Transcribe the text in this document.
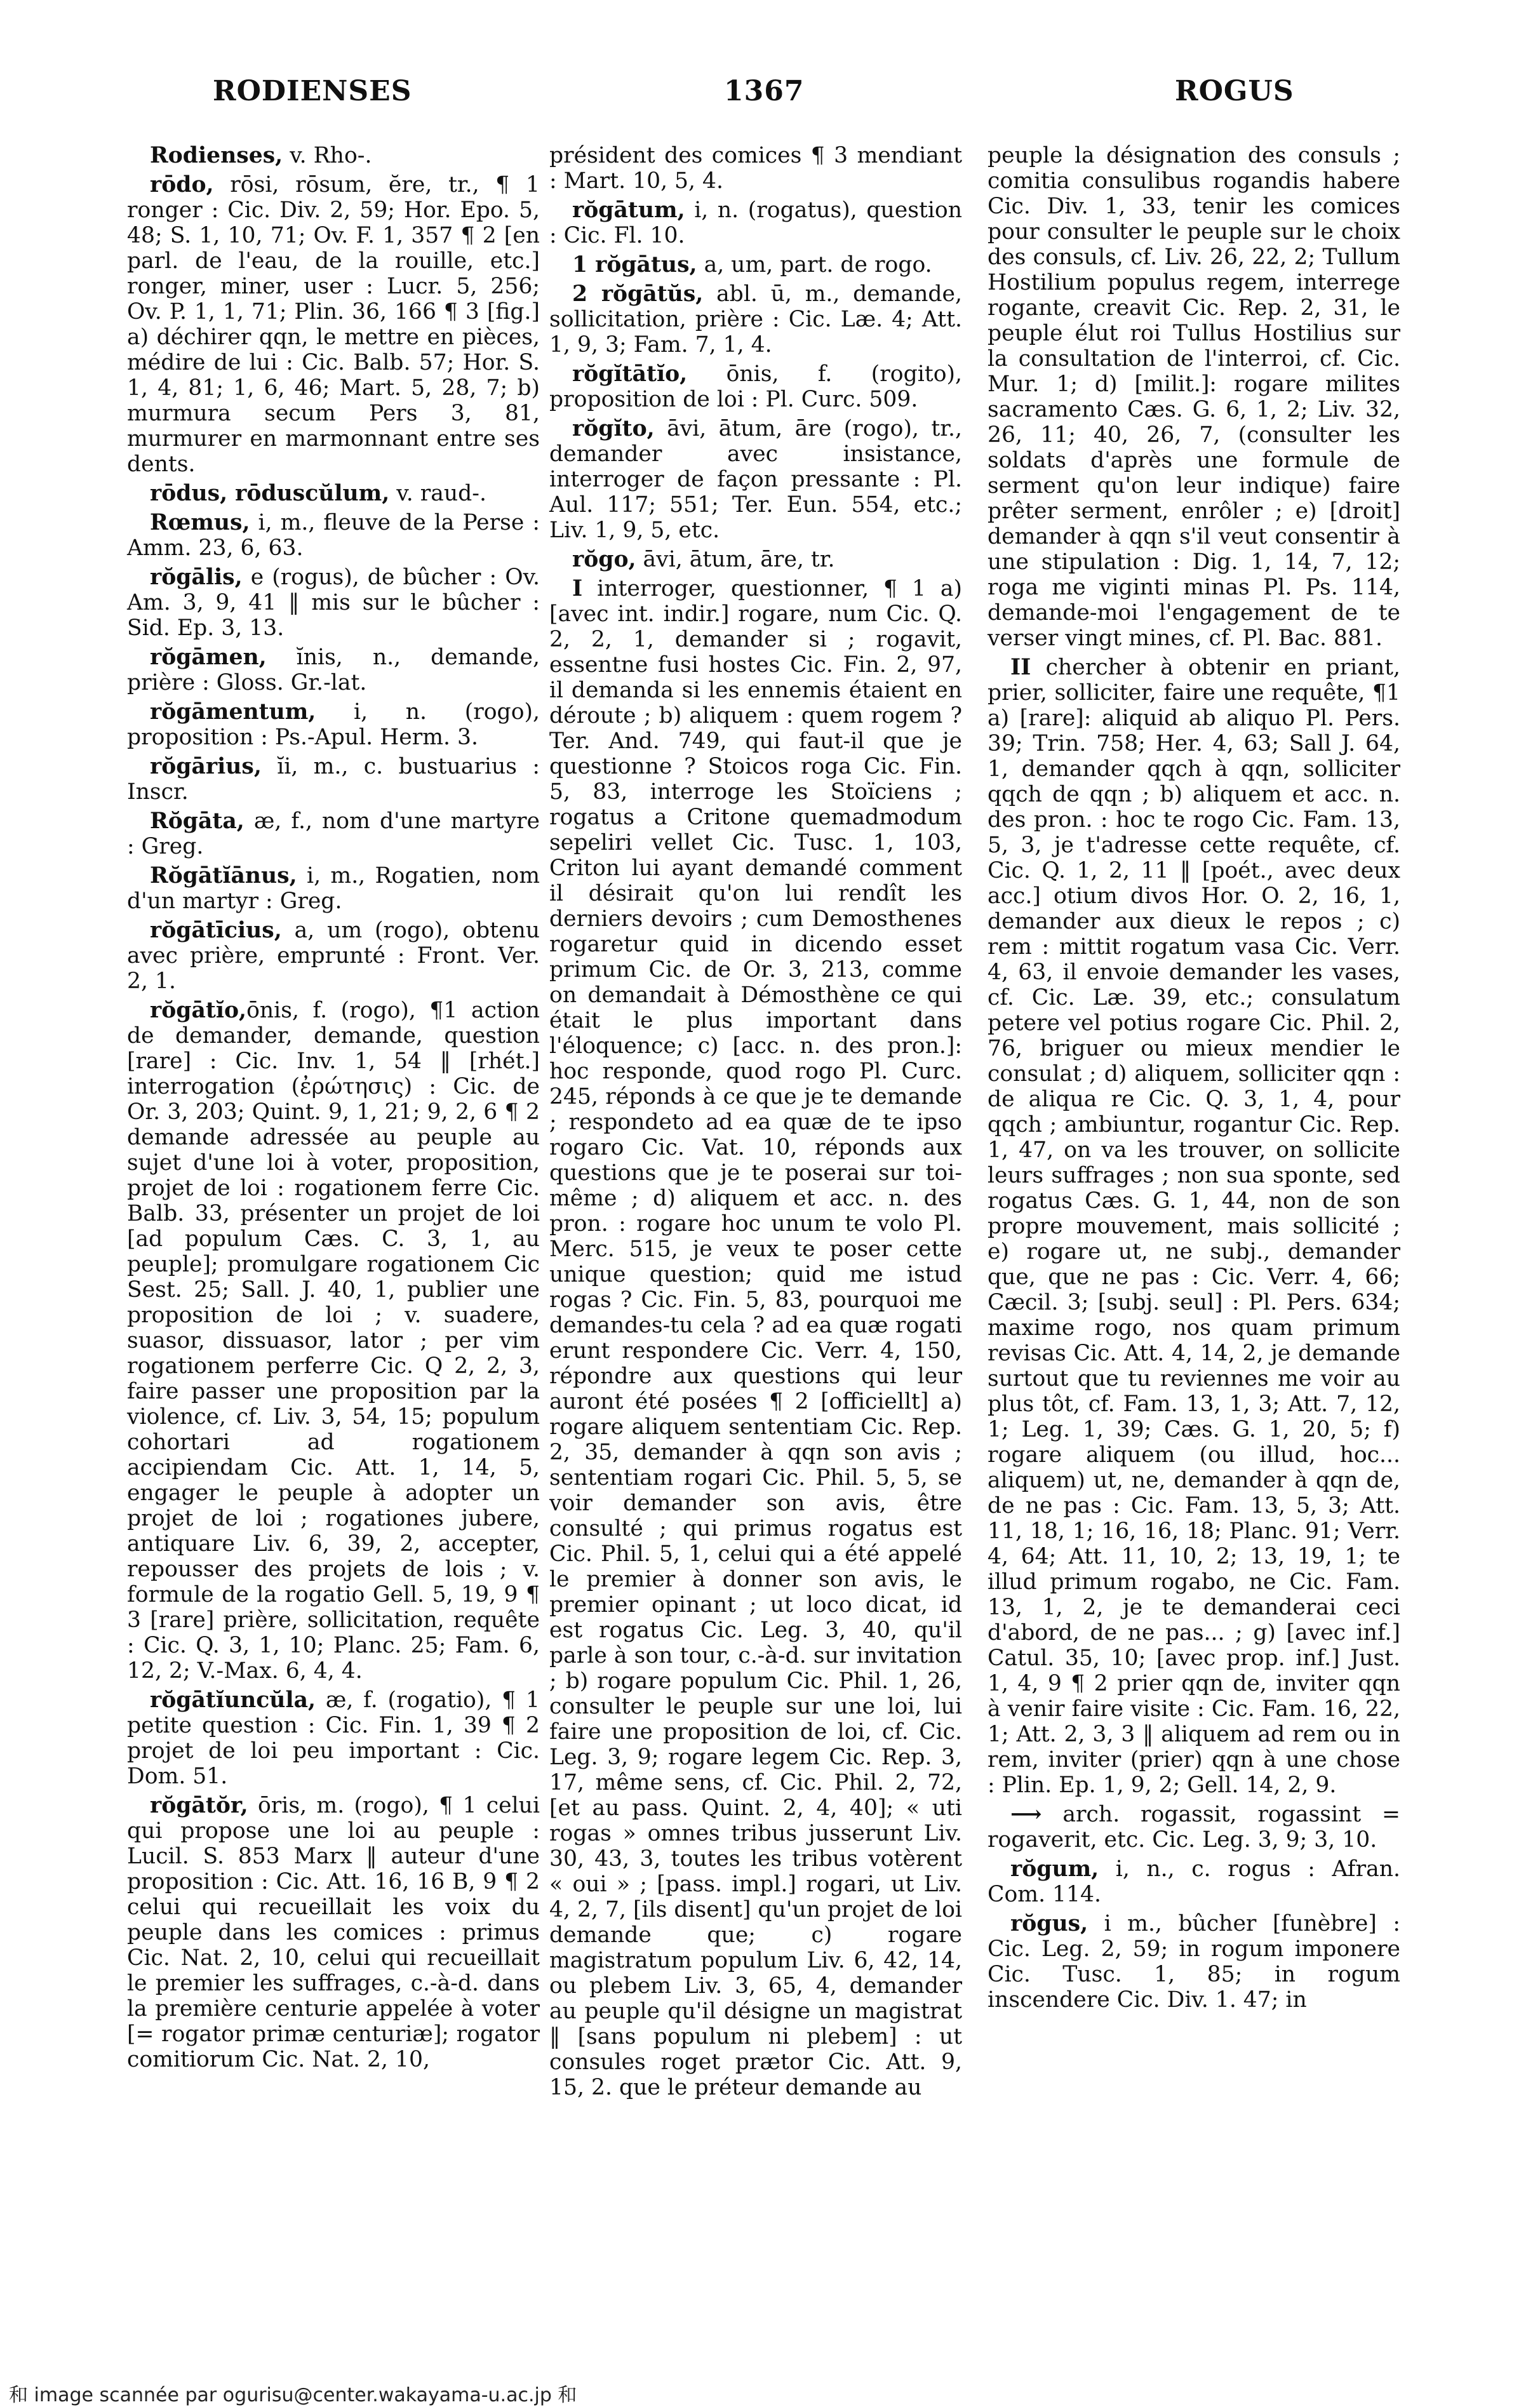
RODIENSES	1367	ROGUS

Rodienses, v. Rho-.

rōdo, rōsi, rōsum, ĕre, tr., ¶ 1 ronger : Cic. Div. 2, 59; Hor. Epo. 5, 48; S. 1, 10, 71; Ov. F. 1, 357 ¶ 2 [en parl. de l'eau, de la rouille, etc.] ronger, miner, user : Lucr. 5, 256; Ov. P. 1, 1, 71; Plin. 36, 166 ¶ 3 [fig.] a) déchirer qqn, le mettre en pièces, médire de lui : Cic. Balb. 57; Hor. S. 1, 4, 81; 1, 6, 46; Mart. 5, 28, 7; b) murmura secum Pers 3, 81, murmurer en marmonnant entre ses dents.

rōdus, rōduscŭlum, v. raud-.

Rœmus, i, m., fleuve de la Perse : Amm. 23, 6, 63.

rŏgālis, e (rogus), de bûcher : Ov. Am. 3, 9, 41 ‖ mis sur le bûcher : Sid. Ep. 3, 13.

rŏgāmen, ĭnis, n., demande, prière : Gloss. Gr.-lat.

rŏgāmentum, i, n. (rogo), proposition : Ps.-Apul. Herm. 3.

rŏgārius, ĭi, m., c. bustuarius : Inscr.

Rŏgāta, æ, f., nom d'une martyre : Greg.

Rŏgātĭānus, i, m., Rogatien, nom d'un martyr : Greg.

rŏgātīcius, a, um (rogo), obtenu avec prière, emprunté : Front. Ver. 2, 1.

rŏgātĭo,ōnis, f. (rogo), ¶1 action de demander, demande, question [rare] : Cic. Inv. 1, 54 ‖ [rhét.] interrogation (ἐρώτησις) : Cic. de Or. 3, 203; Quint. 9, 1, 21; 9, 2, 6 ¶ 2 demande adressée au peuple au sujet d'une loi à voter, proposition, projet de loi : rogationem ferre Cic. Balb. 33, présenter un projet de loi [ad populum Cæs. C. 3, 1, au peuple]; promulgare rogationem Cic Sest. 25; Sall. J. 40, 1, publier une proposition de loi ; v. suadere, suasor, dissuasor, lator ; per vim rogationem perferre Cic. Q 2, 2, 3, faire passer une proposition par la violence, cf. Liv. 3, 54, 15; populum cohortari ad rogationem accipiendam Cic. Att. 1, 14, 5, engager le peuple à adopter un projet de loi ; rogationes jubere, antiquare Liv. 6, 39, 2, accepter, repousser des projets de lois ; v. formule de la rogatio Gell. 5, 19, 9 ¶ 3 [rare] prière, sollicitation, requête : Cic. Q. 3, 1, 10; Planc. 25; Fam. 6, 12, 2; V.-Max. 6, 4, 4.

rŏgātĭuncŭla, æ, f. (rogatio), ¶ 1 petite question : Cic. Fin. 1, 39 ¶ 2 projet de loi peu important : Cic. Dom. 51.

rŏgātŏr, ōris, m. (rogo), ¶ 1 celui qui propose une loi au peuple : Lucil. S. 853 Marx ‖ auteur d'une proposition : Cic. Att. 16, 16 B, 9 ¶ 2 celui qui recueillait les voix du peuple dans les comices : primus Cic. Nat. 2, 10, celui qui recueillait le premier les suffrages, c.-à-d. dans la première centurie appelée à voter [= rogator primæ centuriæ]; rogator comitiorum Cic. Nat. 2, 10,

président des comices ¶ 3 mendiant : Mart. 10, 5, 4.

rŏgātum, i, n. (rogatus), question : Cic. Fl. 10.

1 rŏgātus, a, um, part. de rogo.

2 rŏgātŭs, abl. ū, m., demande, sollicitation, prière : Cic. Læ. 4; Att. 1, 9, 3; Fam. 7, 1, 4.

rŏgĭtātĭo, ōnis, f. (rogito), proposition de loi : Pl. Curc. 509.

rŏgĭto, āvi, ātum, āre (rogo), tr., demander avec insistance, interroger de façon pressante : Pl. Aul. 117; 551; Ter. Eun. 554, etc.; Liv. 1, 9, 5, etc.

rŏgo, āvi, ātum, āre, tr.

I interroger, questionner, ¶ 1 a) [avec int. indir.] rogare, num Cic. Q. 2, 2, 1, demander si ; rogavit, essentne fusi hostes Cic. Fin. 2, 97, il demanda si les ennemis étaient en déroute ; b) aliquem : quem rogem ? Ter. And. 749, qui faut-il que je questionne ? Stoicos roga Cic. Fin. 5, 83, interroge les Stoïciens ; rogatus a Critone quemadmodum sepeliri vellet Cic. Tusc. 1, 103, Criton lui ayant demandé comment il désirait qu'on lui rendît les derniers devoirs ; cum Demosthenes rogaretur quid in dicendo esset primum Cic. de Or. 3, 213, comme on demandait à Démosthène ce qui était le plus important dans l'éloquence; c) [acc. n. des pron.]: hoc responde, quod rogo Pl. Curc. 245, réponds à ce que je te demande ; respondeto ad ea quæ de te ipso rogaro Cic. Vat. 10, réponds aux questions que je te poserai sur toi-même ; d) aliquem et acc. n. des pron. : rogare hoc unum te volo Pl. Merc. 515, je veux te poser cette unique question; quid me istud rogas ? Cic. Fin. 5, 83, pourquoi me demandes-tu cela ? ad ea quæ rogati erunt respondere Cic. Verr. 4, 150, répondre aux questions qui leur auront été posées ¶ 2 [officiellt] a) rogare aliquem sententiam Cic. Rep. 2, 35, demander à qqn son avis ; sententiam rogari Cic. Phil. 5, 5, se voir demander son avis, être consulté ; qui primus rogatus est Cic. Phil. 5, 1, celui qui a été appelé le premier à donner son avis, le premier opinant ; ut loco dicat, id est rogatus Cic. Leg. 3, 40, qu'il parle à son tour, c.-à-d. sur invitation ; b) rogare populum Cic. Phil. 1, 26, consulter le peuple sur une loi, lui faire une proposition de loi, cf. Cic. Leg. 3, 9; rogare legem Cic. Rep. 3, 17, même sens, cf. Cic. Phil. 2, 72, [et au pass. Quint. 2, 4, 40]; « uti rogas » omnes tribus jusserunt Liv. 30, 43, 3, toutes les tribus votèrent « oui » ; [pass. impl.] rogari, ut Liv. 4, 2, 7, [ils disent] qu'un projet de loi demande que; c) rogare magistratum populum Liv. 6, 42, 14, ou plebem Liv. 3, 65, 4, demander au peuple qu'il désigne un magistrat ‖ [sans populum ni plebem] : ut consules roget prætor Cic. Att. 9, 15, 2. que le préteur demande au

peuple la désignation des consuls ; comitia consulibus rogandis habere Cic. Div. 1, 33, tenir les comices pour consulter le peuple sur le choix des consuls, cf. Liv. 26, 22, 2; Tullum Hostilium populus regem, interrege rogante, creavit Cic. Rep. 2, 31, le peuple élut roi Tullus Hostilius sur la consultation de l'interroi, cf. Cic. Mur. 1; d) [milit.]: rogare milites sacramento Cæs. G. 6, 1, 2; Liv. 32, 26, 11; 40, 26, 7, (consulter les soldats d'après une formule de serment qu'on leur indique) faire prêter serment, enrôler ; e) [droit] demander à qqn s'il veut consentir à une stipulation : Dig. 1, 14, 7, 12; roga me viginti minas Pl. Ps. 114, demande-moi l'engagement de te verser vingt mines, cf. Pl. Bac. 881.

II chercher à obtenir en priant, prier, solliciter, faire une requête, ¶1 a) [rare]: aliquid ab aliquo Pl. Pers. 39; Trin. 758; Her. 4, 63; Sall J. 64, 1, demander qqch à qqn, solliciter qqch de qqn ; b) aliquem et acc. n. des pron. : hoc te rogo Cic. Fam. 13, 5, 3, je t'adresse cette requête, cf. Cic. Q. 1, 2, 11 ‖ [poét., avec deux acc.] otium divos Hor. O. 2, 16, 1, demander aux dieux le repos ; c) rem : mittit rogatum vasa Cic. Verr. 4, 63, il envoie demander les vases, cf. Cic. Læ. 39, etc.; consulatum petere vel potius rogare Cic. Phil. 2, 76, briguer ou mieux mendier le consulat ; d) aliquem, solliciter qqn : de aliqua re Cic. Q. 3, 1, 4, pour qqch ; ambiuntur, rogantur Cic. Rep. 1, 47, on va les trouver, on sollicite leurs suffrages ; non sua sponte, sed rogatus Cæs. G. 1, 44, non de son propre mouvement, mais sollicité ; e) rogare ut, ne subj., demander que, que ne pas : Cic. Verr. 4, 66; Cæcil. 3; [subj. seul] : Pl. Pers. 634; maxime rogo, nos quam primum revisas Cic. Att. 4, 14, 2, je demande surtout que tu reviennes me voir au plus tôt, cf. Fam. 13, 1, 3; Att. 7, 12, 1; Leg. 1, 39; Cæs. G. 1, 20, 5; f) rogare aliquem (ou illud, hoc... aliquem) ut, ne, demander à qqn de, de ne pas : Cic. Fam. 13, 5, 3; Att. 11, 18, 1; 16, 16, 18; Planc. 91; Verr. 4, 64; Att. 11, 10, 2; 13, 19, 1; te illud primum rogabo, ne Cic. Fam. 13, 1, 2, je te demanderai ceci d'abord, de ne pas... ; g) [avec inf.] Catul. 35, 10; [avec prop. inf.] Just. 1, 4, 9 ¶ 2 prier qqn de, inviter qqn à venir faire visite : Cic. Fam. 16, 22, 1; Att. 2, 3, 3 ‖ aliquem ad rem ou in rem, inviter (prier) qqn à une chose : Plin. Ep. 1, 9, 2; Gell. 14, 2, 9.

⟶ arch. rogassit, rogassint = rogaverit, etc. Cic. Leg. 3, 9; 3, 10.

rŏgum, i, n., c. rogus : Afran. Com. 114.

rŏgus, i m., bûcher [funèbre] : Cic. Leg. 2, 59; in rogum imponere Cic. Tusc. 1, 85; in rogum inscendere Cic. Div. 1. 47; in

和 image scannée par ogurisu@center.wakayama-u.ac.jp 和
